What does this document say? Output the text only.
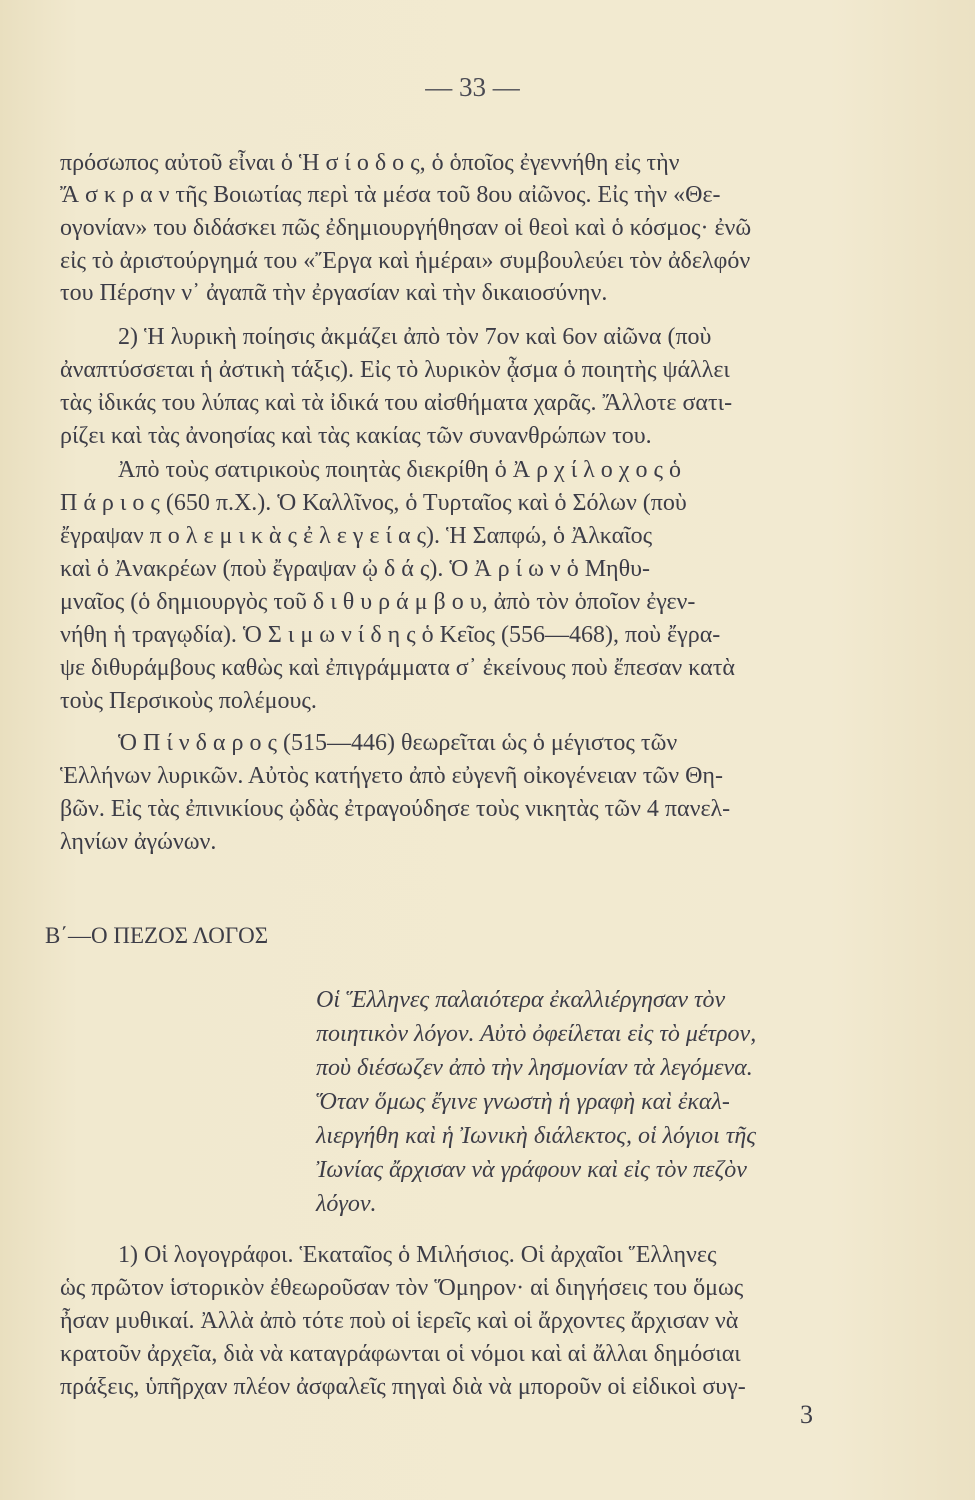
— 33 —
πρόσωπος αὐτοῦ εἶναι ὁ Ἡ σ ί ο δ ο ς, ὁ ὁποῖος ἐγεννήθη εἰς τὴν
Ἄ σ κ ρ α ν τῆς Βοιωτίας περὶ τὰ μέσα τοῦ 8ου αἰῶνος. Εἰς τὴν «Θε-
ογονίαν» του διδάσκει πῶς ἐδημιουργήθησαν οἱ θεοὶ καὶ ὁ κόσμος· ἐνῶ
εἰς τὸ ἀριστούργημά του «Ἔργα καὶ ἡμέραι» συμβουλεύει τὸν ἀδελφόν
του Πέρσην ν᾿ ἀγαπᾶ τὴν ἐργασίαν καὶ τὴν δικαιοσύνην.
2) Ἡ λυρικὴ ποίησις ἀκμάζει ἀπὸ τὸν 7ον καὶ 6ον αἰῶνα (ποὺ
ἀναπτύσσεται ἡ ἀστικὴ τάξις). Εἰς τὸ λυρικὸν ᾆσμα ὁ ποιητὴς ψάλλει
τὰς ἰδικάς του λύπας καὶ τὰ ἰδικά του αἰσθήματα χαρᾶς. Ἄλλοτε σατι-
ρίζει καὶ τὰς ἀνοησίας καὶ τὰς κακίας τῶν συνανθρώπων του.
Ἀπὸ τοὺς σατιρικοὺς ποιητὰς διεκρίθη ὁ Ἀ ρ χ ί λ ο χ ο ς ὁ
Π ά ρ ι ο ς (650 π.Χ.). Ὁ Καλλῖνος, ὁ Τυρταῖος καὶ ὁ Σόλων (ποὺ
ἔγραψαν π ο λ ε μ ι κ ὰ ς ἐ λ ε γ ε ί α ς). Ἡ Σαπφώ, ὁ Ἀλκαῖος
καὶ ὁ Ἀνακρέων (ποὺ ἔγραψαν ᾠ δ ά ς). Ὁ Ἀ ρ ί ω ν ὁ Μηθυ-
μναῖος (ὁ δημιουργὸς τοῦ δ ι θ υ ρ ά μ β ο υ, ἀπὸ τὸν ὁποῖον ἐγεν-
νήθη ἡ τραγῳδία). Ὁ Σ ι μ ω ν ί δ η ς ὁ Κεῖος (556—468), ποὺ ἔγρα-
ψε διθυράμβους καθὼς καὶ ἐπιγράμματα σ᾿ ἐκείνους ποὺ ἔπεσαν κατὰ
τοὺς Περσικοὺς πολέμους.
Ὁ Π ί ν δ α ρ ο ς (515—446) θεωρεῖται ὡς ὁ μέγιστος τῶν
Ἑλλήνων λυρικῶν. Αὐτὸς κατήγετο ἀπὸ εὐγενῆ οἰκογένειαν τῶν Θη-
βῶν. Εἰς τὰς ἐπινικίους ᾠδὰς ἐτραγούδησε τοὺς νικητὰς τῶν 4 πανελ-
ληνίων ἀγώνων.
Β΄—Ο ΠΕΖΟΣ ΛΟΓΟΣ
Οἱ Ἕλληνες παλαιότερα ἐκαλλιέργησαν τὸν
ποιητικὸν λόγον. Αὐτὸ ὀφείλεται εἰς τὸ μέτρον,
ποὺ διέσωζεν ἀπὸ τὴν λησμονίαν τὰ λεγόμενα.
Ὅταν ὅμως ἔγινε γνωστὴ ἡ γραφὴ καὶ ἐκαλ-
λιεργήθη καὶ ἡ Ἰωνικὴ διάλεκτος, οἱ λόγιοι τῆς
Ἰωνίας ἄρχισαν νὰ γράφουν καὶ εἰς τὸν πεζὸν
λόγον.
1) Οἱ λογογράφοι. Ἑκαταῖος ὁ Μιλήσιος. Οἱ ἀρχαῖοι Ἕλληνες
ὡς πρῶτον ἱστορικὸν ἐθεωροῦσαν τὸν Ὅμηρον· αἱ διηγήσεις του ὅμως
ἦσαν μυθικαί. Ἀλλὰ ἀπὸ τότε ποὺ οἱ ἱερεῖς καὶ οἱ ἄρχοντες ἄρχισαν νὰ
κρατοῦν ἀρχεῖα, διὰ νὰ καταγράφωνται οἱ νόμοι καὶ αἱ ἄλλαι δημόσιαι
πράξεις, ὑπῆρχαν πλέον ἀσφαλεῖς πηγαὶ διὰ νὰ μποροῦν οἱ εἰδικοὶ συγ-
3
